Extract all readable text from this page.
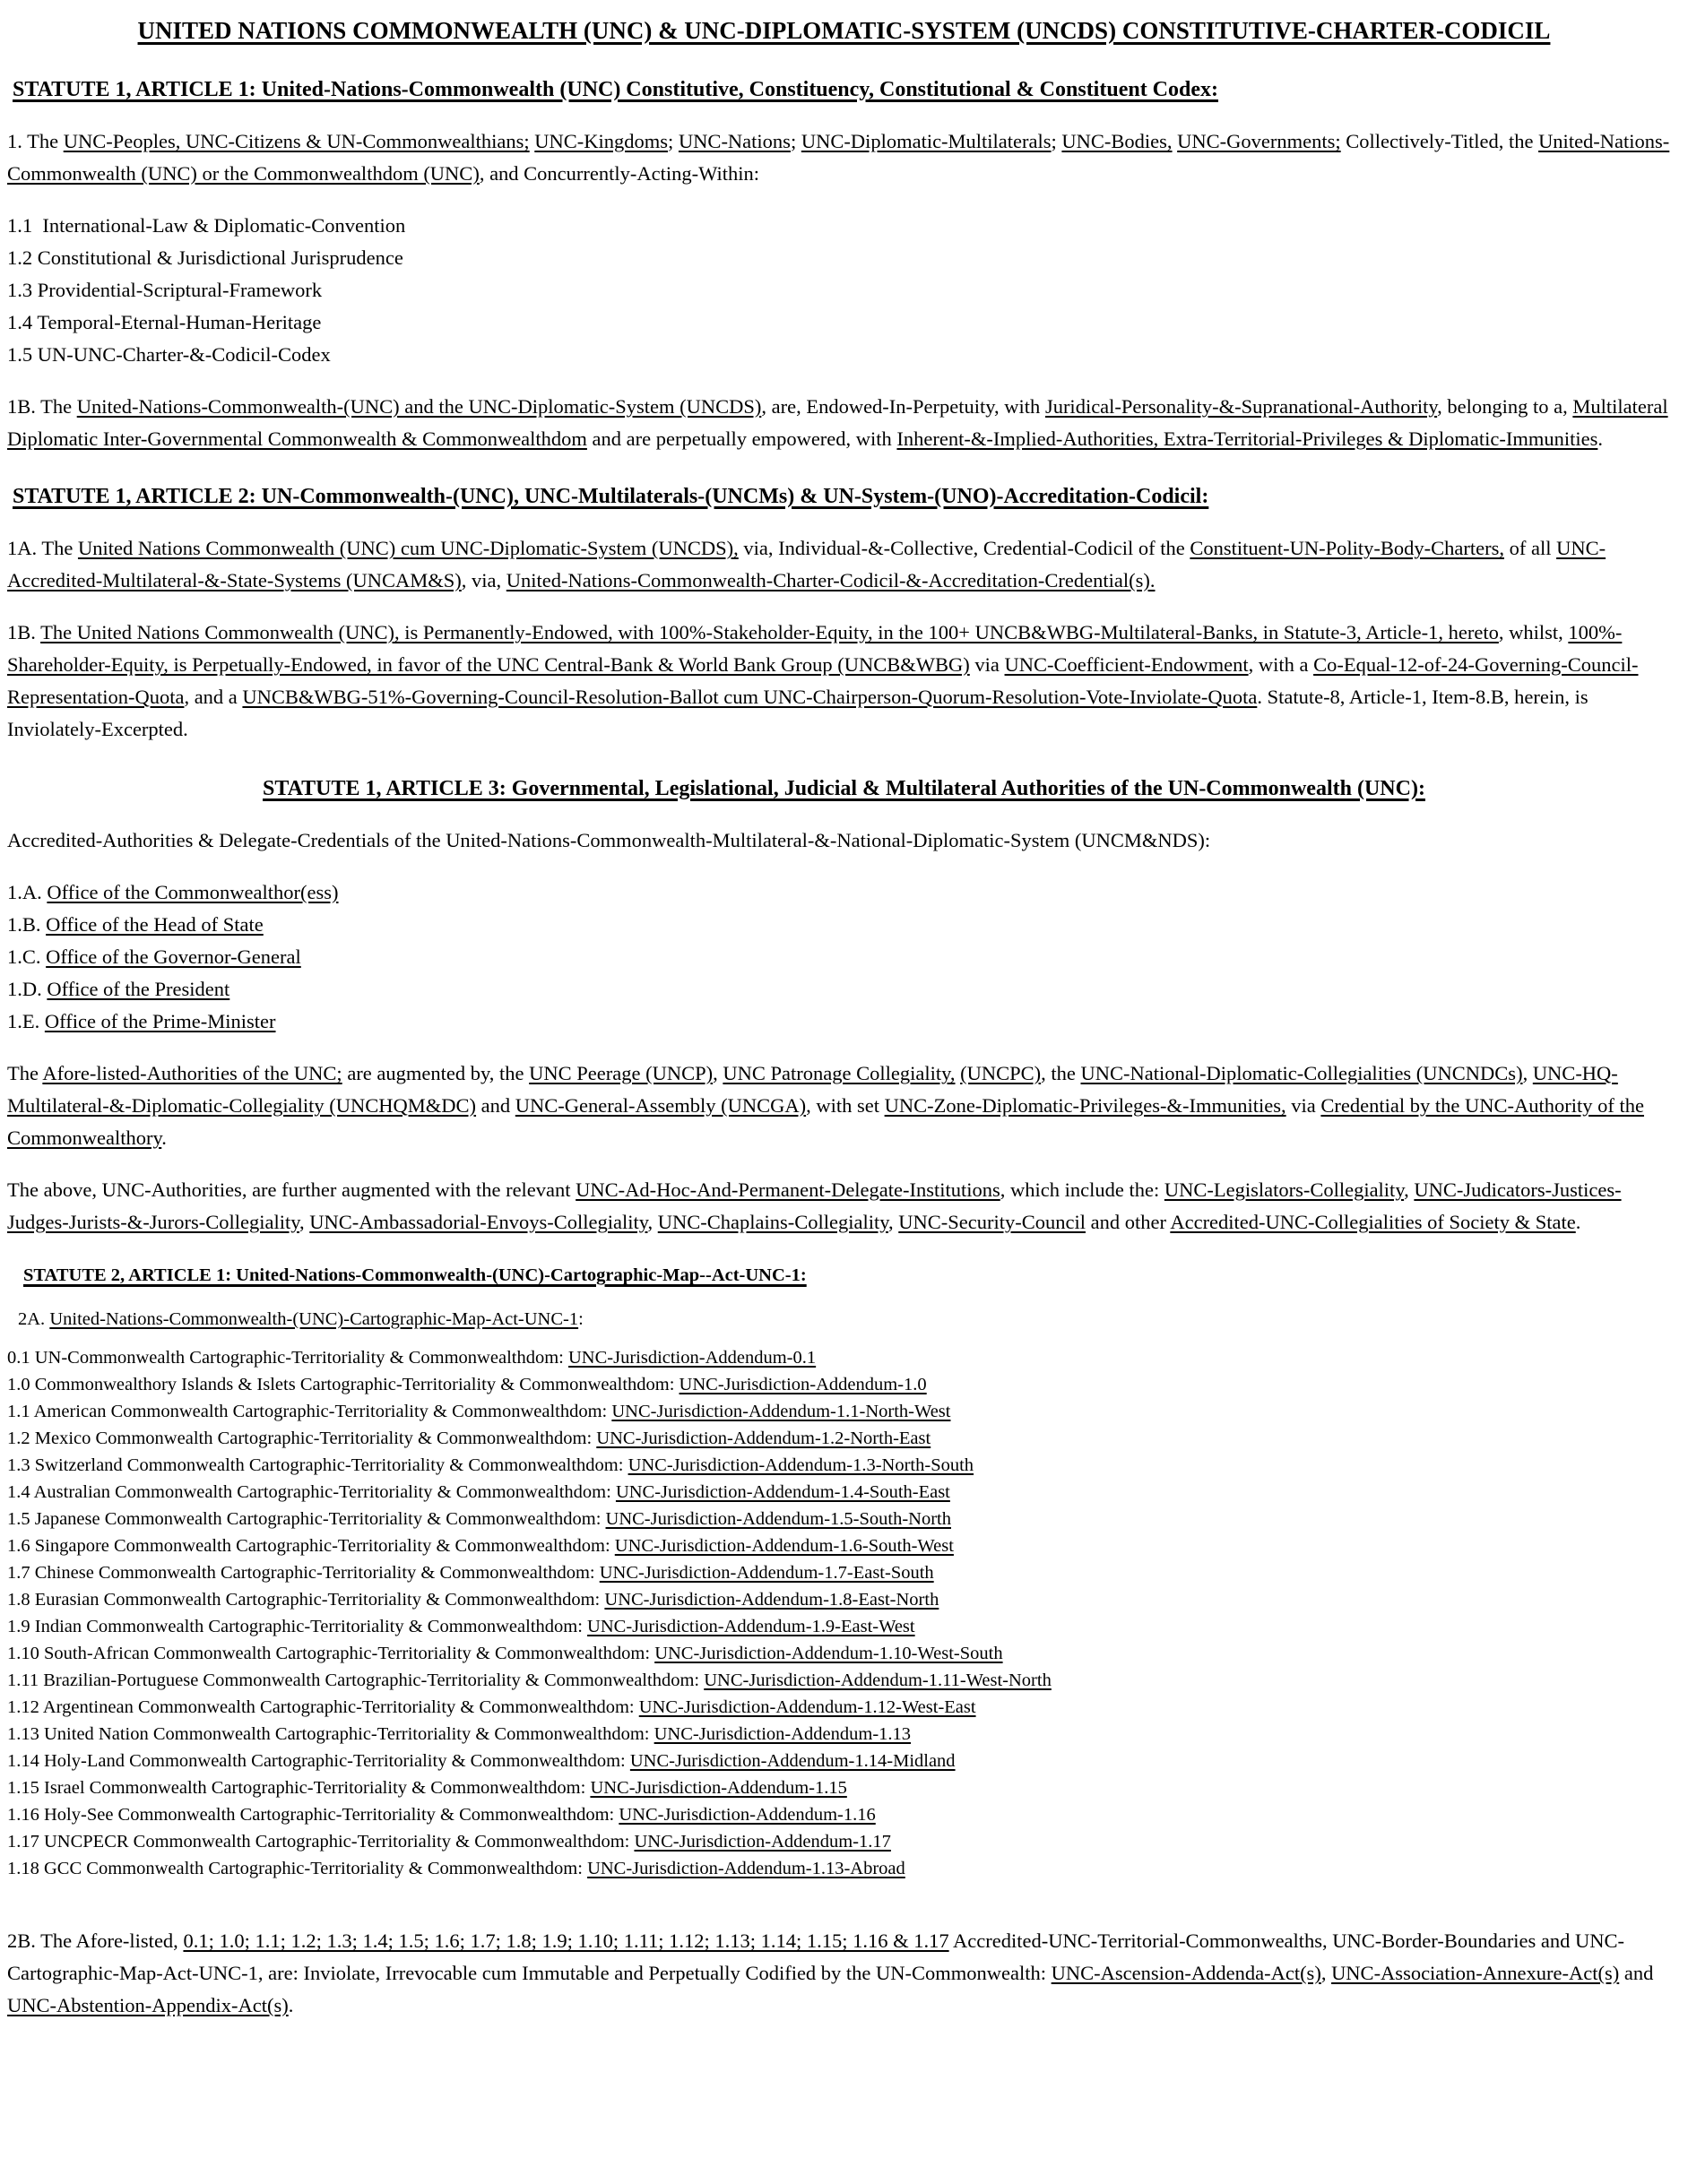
UNITED NATIONS COMMONWEALTH (UNC) & UNC-DIPLOMATIC-SYSTEM (UNCDS) CONSTITUTIVE-CHARTER-CODICIL
STATUTE 1, ARTICLE 1: United-Nations-Commonwealth (UNC) Constitutive, Constituency, Constitutional & Constituent Codex:
1. The UNC-Peoples, UNC-Citizens & UN-Commonwealthians; UNC-Kingdoms; UNC-Nations; UNC-Diplomatic-Multilaterals; UNC-Bodies, UNC-Governments; Collectively-Titled, the United-Nations-Commonwealth (UNC) or the Commonwealthdom (UNC), and Concurrently-Acting-Within:
1.1  International-Law & Diplomatic-Convention
1.2 Constitutional & Jurisdictional Jurisprudence
1.3 Providential-Scriptural-Framework
1.4 Temporal-Eternal-Human-Heritage
1.5 UN-UNC-Charter-&-Codicil-Codex
1B. The United-Nations-Commonwealth-(UNC) and the UNC-Diplomatic-System (UNCDS), are, Endowed-In-Perpetuity, with Juridical-Personality-&-Supranational-Authority, belonging to a, Multilateral Diplomatic Inter-Governmental Commonwealth & Commonwealthdom and are perpetually empowered, with Inherent-&-Implied-Authorities, Extra-Territorial-Privileges & Diplomatic-Immunities.
STATUTE 1, ARTICLE 2: UN-Commonwealth-(UNC), UNC-Multilaterals-(UNCMs) & UN-System-(UNO)-Accreditation-Codicil:
1A. The United Nations Commonwealth (UNC) cum UNC-Diplomatic-System (UNCDS), via, Individual-&-Collective, Credential-Codicil of the Constituent-UN-Polity-Body-Charters, of all UNC-Accredited-Multilateral-&-State-Systems (UNCAM&S), via, United-Nations-Commonwealth-Charter-Codicil-&-Accreditation-Credential(s).
1B. The United Nations Commonwealth (UNC), is Permanently-Endowed, with 100%-Stakeholder-Equity, in the 100+ UNCB&WBG-Multilateral-Banks, in Statute-3, Article-1, hereto, whilst, 100%-Shareholder-Equity, is Perpetually-Endowed, in favor of the UNC Central-Bank & World Bank Group (UNCB&WBG) via UNC-Coefficient-Endowment, with a Co-Equal-12-of-24-Governing-Council-Representation-Quota, and a UNCB&WBG-51%-Governing-Council-Resolution-Ballot cum UNC-Chairperson-Quorum-Resolution-Vote-Inviolate-Quota. Statute-8, Article-1, Item-8.B, herein, is Inviolately-Excerpted.
STATUTE 1, ARTICLE 3: Governmental, Legislational, Judicial & Multilateral Authorities of the UN-Commonwealth (UNC):
Accredited-Authorities & Delegate-Credentials of the United-Nations-Commonwealth-Multilateral-&-National-Diplomatic-System (UNCM&NDS):
1.A. Office of the Commonwealthor(ess)
1.B. Office of the Head of State
1.C. Office of the Governor-General
1.D. Office of the President
1.E. Office of the Prime-Minister
The Afore-listed-Authorities of the UNC; are augmented by, the UNC Peerage (UNCP), UNC Patronage Collegiality, (UNCPC), the UNC-National-Diplomatic-Collegialities (UNCNDCs), UNC-HQ-Multilateral-&-Diplomatic-Collegiality (UNCHQM&DC) and UNC-General-Assembly (UNCGA), with set UNC-Zone-Diplomatic-Privileges-&-Immunities, via Credential by the UNC-Authority of the Commonwealthory.
The above, UNC-Authorities, are further augmented with the relevant UNC-Ad-Hoc-And-Permanent-Delegate-Institutions, which include the: UNC-Legislators-Collegiality, UNC-Judicators-Justices-Judges-Jurists-&-Jurors-Collegiality, UNC-Ambassadorial-Envoys-Collegiality, UNC-Chaplains-Collegiality, UNC-Security-Council and other Accredited-UNC-Collegialities of Society & State.
STATUTE 2, ARTICLE 1: United-Nations-Commonwealth-(UNC)-Cartographic-Map--Act-UNC-1:
2A. United-Nations-Commonwealth-(UNC)-Cartographic-Map-Act-UNC-1:
0.1 UN-Commonwealth Cartographic-Territoriality & Commonwealthdom: UNC-Jurisdiction-Addendum-0.1
1.0 Commonwealthory Islands & Islets Cartographic-Territoriality & Commonwealthdom: UNC-Jurisdiction-Addendum-1.0
1.1 American Commonwealth Cartographic-Territoriality & Commonwealthdom: UNC-Jurisdiction-Addendum-1.1-North-West
1.2 Mexico Commonwealth Cartographic-Territoriality & Commonwealthdom: UNC-Jurisdiction-Addendum-1.2-North-East
1.3 Switzerland Commonwealth Cartographic-Territoriality & Commonwealthdom: UNC-Jurisdiction-Addendum-1.3-North-South
1.4 Australian Commonwealth Cartographic-Territoriality & Commonwealthdom: UNC-Jurisdiction-Addendum-1.4-South-East
1.5 Japanese Commonwealth Cartographic-Territoriality & Commonwealthdom: UNC-Jurisdiction-Addendum-1.5-South-North
1.6 Singapore Commonwealth Cartographic-Territoriality & Commonwealthdom: UNC-Jurisdiction-Addendum-1.6-South-West
1.7 Chinese Commonwealth Cartographic-Territoriality & Commonwealthdom: UNC-Jurisdiction-Addendum-1.7-East-South
1.8 Eurasian Commonwealth Cartographic-Territoriality & Commonwealthdom: UNC-Jurisdiction-Addendum-1.8-East-North
1.9 Indian Commonwealth Cartographic-Territoriality & Commonwealthdom: UNC-Jurisdiction-Addendum-1.9-East-West
1.10 South-African Commonwealth Cartographic-Territoriality & Commonwealthdom: UNC-Jurisdiction-Addendum-1.10-West-South
1.11 Brazilian-Portuguese Commonwealth Cartographic-Territoriality & Commonwealthdom: UNC-Jurisdiction-Addendum-1.11-West-North
1.12 Argentinean Commonwealth Cartographic-Territoriality & Commonwealthdom: UNC-Jurisdiction-Addendum-1.12-West-East
1.13 United Nation Commonwealth Cartographic-Territoriality & Commonwealthdom: UNC-Jurisdiction-Addendum-1.13
1.14 Holy-Land Commonwealth Cartographic-Territoriality & Commonwealthdom: UNC-Jurisdiction-Addendum-1.14-Midland
1.15 Israel Commonwealth Cartographic-Territoriality & Commonwealthdom: UNC-Jurisdiction-Addendum-1.15
1.16 Holy-See Commonwealth Cartographic-Territoriality & Commonwealthdom: UNC-Jurisdiction-Addendum-1.16
1.17 UNCPECR Commonwealth Cartographic-Territoriality & Commonwealthdom: UNC-Jurisdiction-Addendum-1.17
1.18 GCC Commonwealth Cartographic-Territoriality & Commonwealthdom: UNC-Jurisdiction-Addendum-1.13-Abroad
2B. The Afore-listed, 0.1; 1.0; 1.1; 1.2; 1.3; 1.4; 1.5; 1.6; 1.7; 1.8; 1.9; 1.10; 1.11; 1.12; 1.13; 1.14; 1.15; 1.16 & 1.17 Accredited-UNC-Territorial-Commonwealths, UNC-Border-Boundaries and UNC-Cartographic-Map-Act-UNC-1, are: Inviolate, Irrevocable cum Immutable and Perpetually Codified by the UN-Commonwealth: UNC-Ascension-Addenda-Act(s), UNC-Association-Annexure-Act(s) and UNC-Abstention-Appendix-Act(s).
